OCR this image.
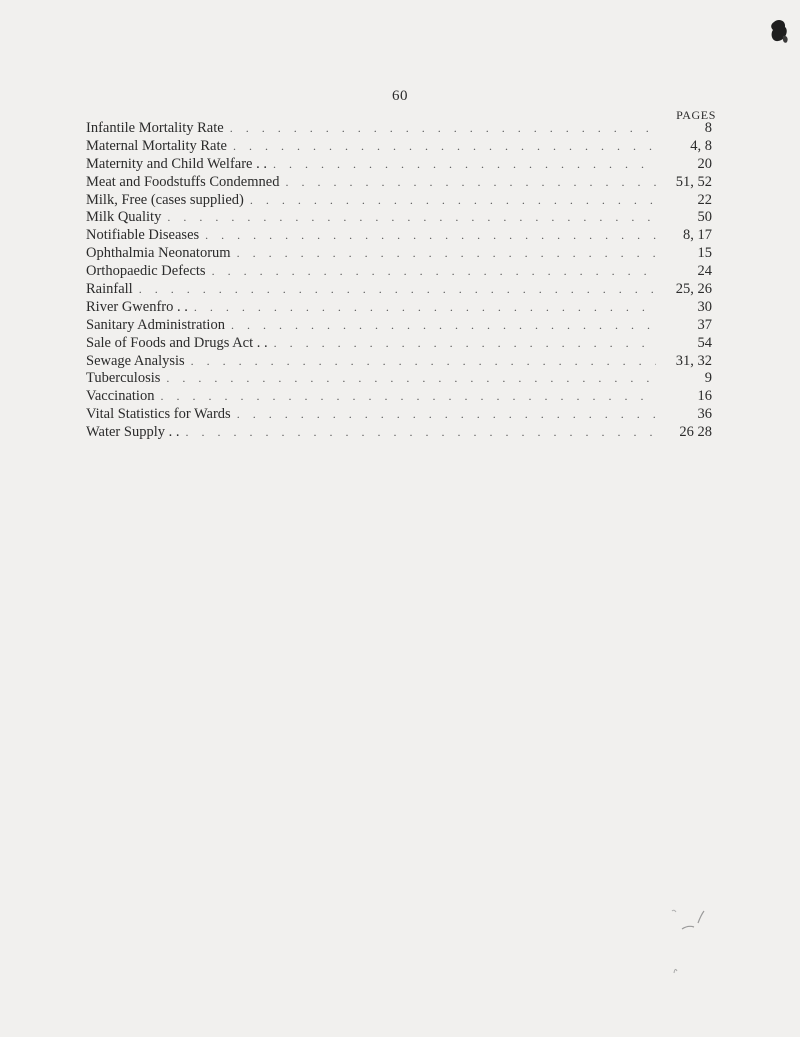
60
PAGES
Infantile Mortality Rate . . .	8
Maternal Mortality Rate . . .	4, 8
Maternity and Child Welfare . . . . .	20
Meat and Foodstuffs Condemned . . .	51, 52
Milk, Free (cases supplied) . . .	22
Milk Quality . . .	50
Notifiable Diseases . . .	8, 17
Ophthalmia Neonatorum . . .	15
Orthopaedic Defects . . .	24
Rainfall . . .	25, 26
River Gwenfro . . . . .	30
Sanitary Administration . . .	37
Sale of Foods and Drugs Act . . . . .	54
Sewage Analysis . . .	31, 32
Tuberculosis . . .	9
Vaccination . . .	16
Vital Statistics for Wards . . .	36
Water Supply . . . . .	26 28
